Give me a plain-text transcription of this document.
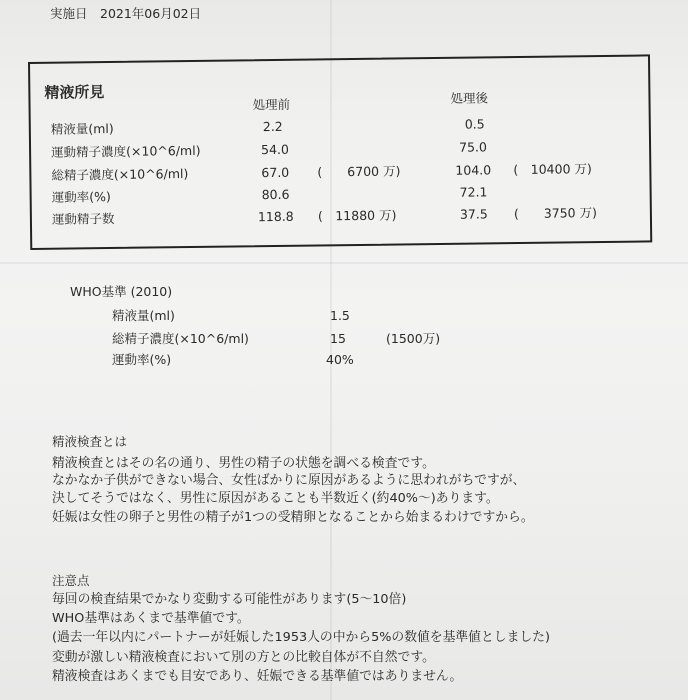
実施日　2021年06月02日
精液所見
処理前	処理後
精液量(ml)	2.2	0.5
運動精子濃度(×10^6/ml)	54.0	75.0
総精子濃度(×10^6/ml)	67.0 (　　6700 万)	104.0 (　10400 万)
運動率(%)	80.6	72.1
運動精子数	118.8 (　11880 万)	37.5 (　　3750 万)
WHO基準 (2010)
精液量(ml)	1.5
総精子濃度(×10^6/ml)	15	(1500万)
運動率(%)	40%
精液検査とは
精液検査とはその名の通り、男性の精子の状態を調べる検査です。
なかなか子供ができない場合、女性ばかりに原因があるように思われがちですが、
決してそうではなく、男性に原因があることも半数近く(約40%～)あります。
妊娠は女性の卵子と男性の精子が1つの受精卵となることから始まるわけですから。
注意点
毎回の検査結果でかなり変動する可能性があります(5～10倍)
WHO基準はあくまで基準値です。
(過去一年以内にパートナーが妊娠した1953人の中から5%の数値を基準値としました)
変動が激しい精液検査において別の方との比較自体が不自然です。
精液検査はあくまでも目安であり、妊娠できる基準値ではありません。
